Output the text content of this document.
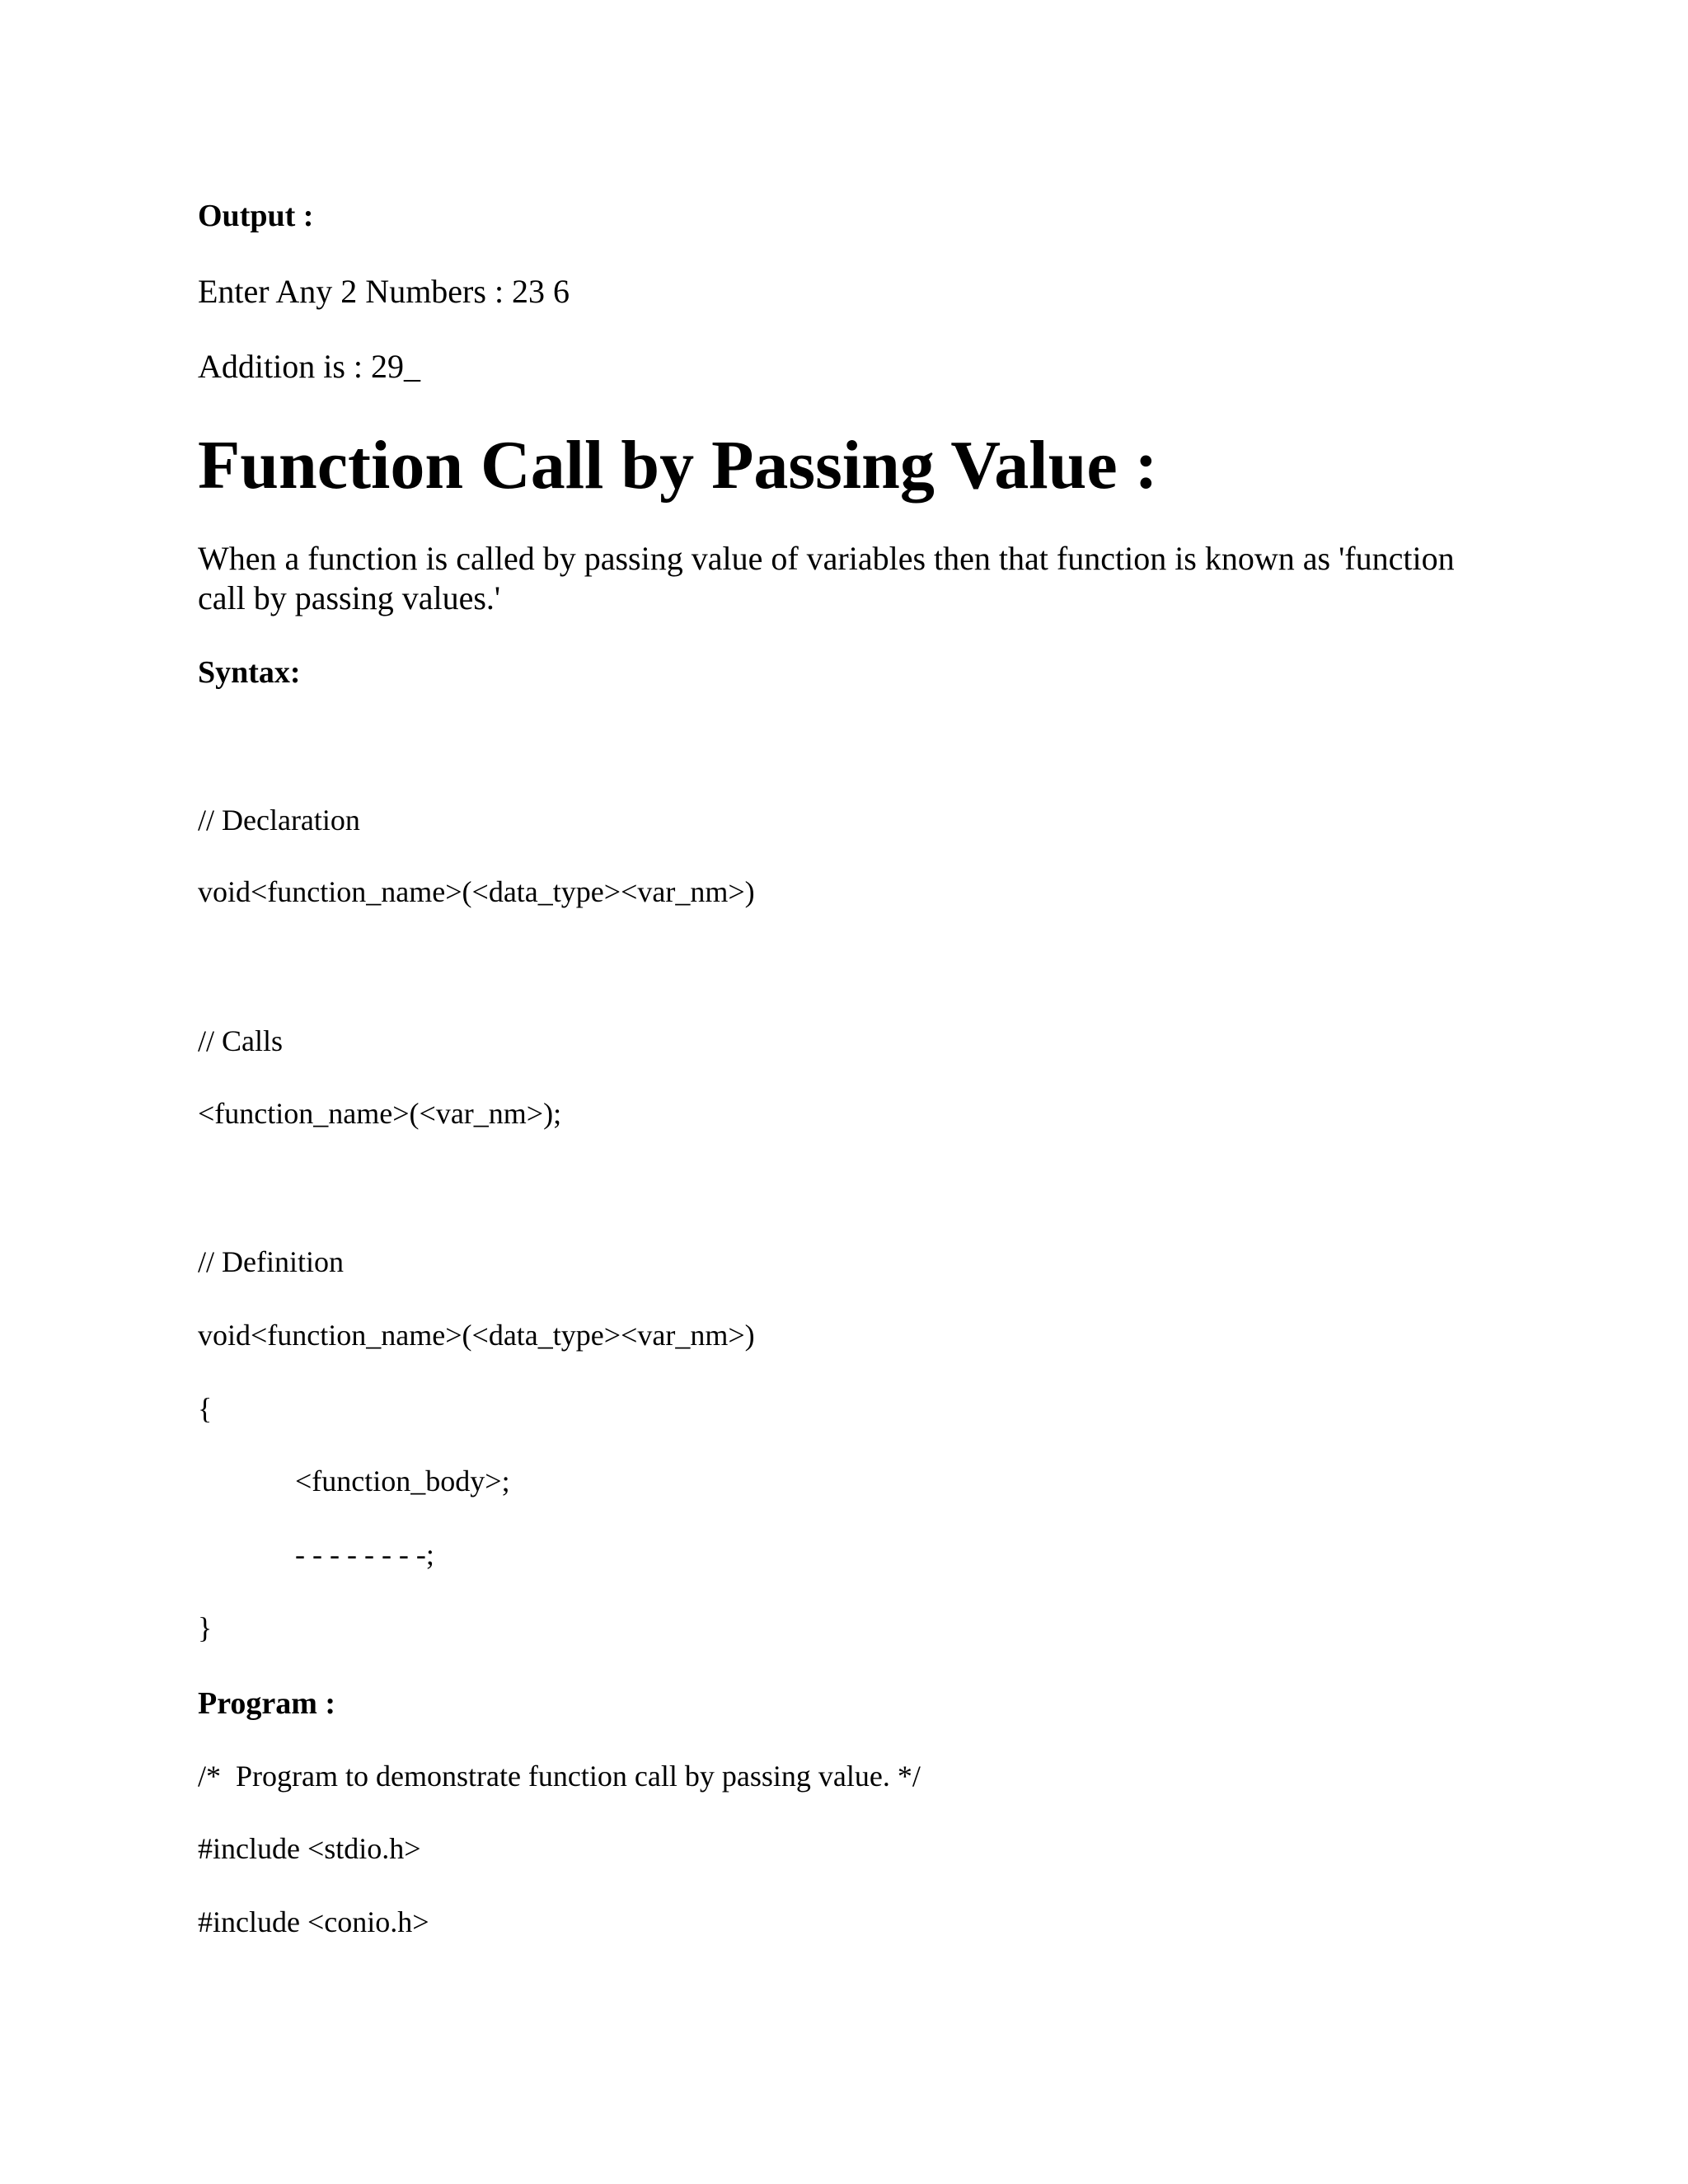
Output :
Enter Any 2 Numbers : 23 6
Addition is : 29_
Function Call by Passing Value :
When a function is called by passing value of variables then that function is known as 'function call by passing values.'
Syntax:
// Declaration
void<function_name>(<data_type><var_nm>)
// Calls
<function_name>(<var_nm>);
// Definition
void<function_name>(<data_type><var_nm>)
{
<function_body>;
- - - - - - - -;
}
Program :
/*  Program to demonstrate function call by passing value. */
#include <stdio.h>
#include <conio.h>
